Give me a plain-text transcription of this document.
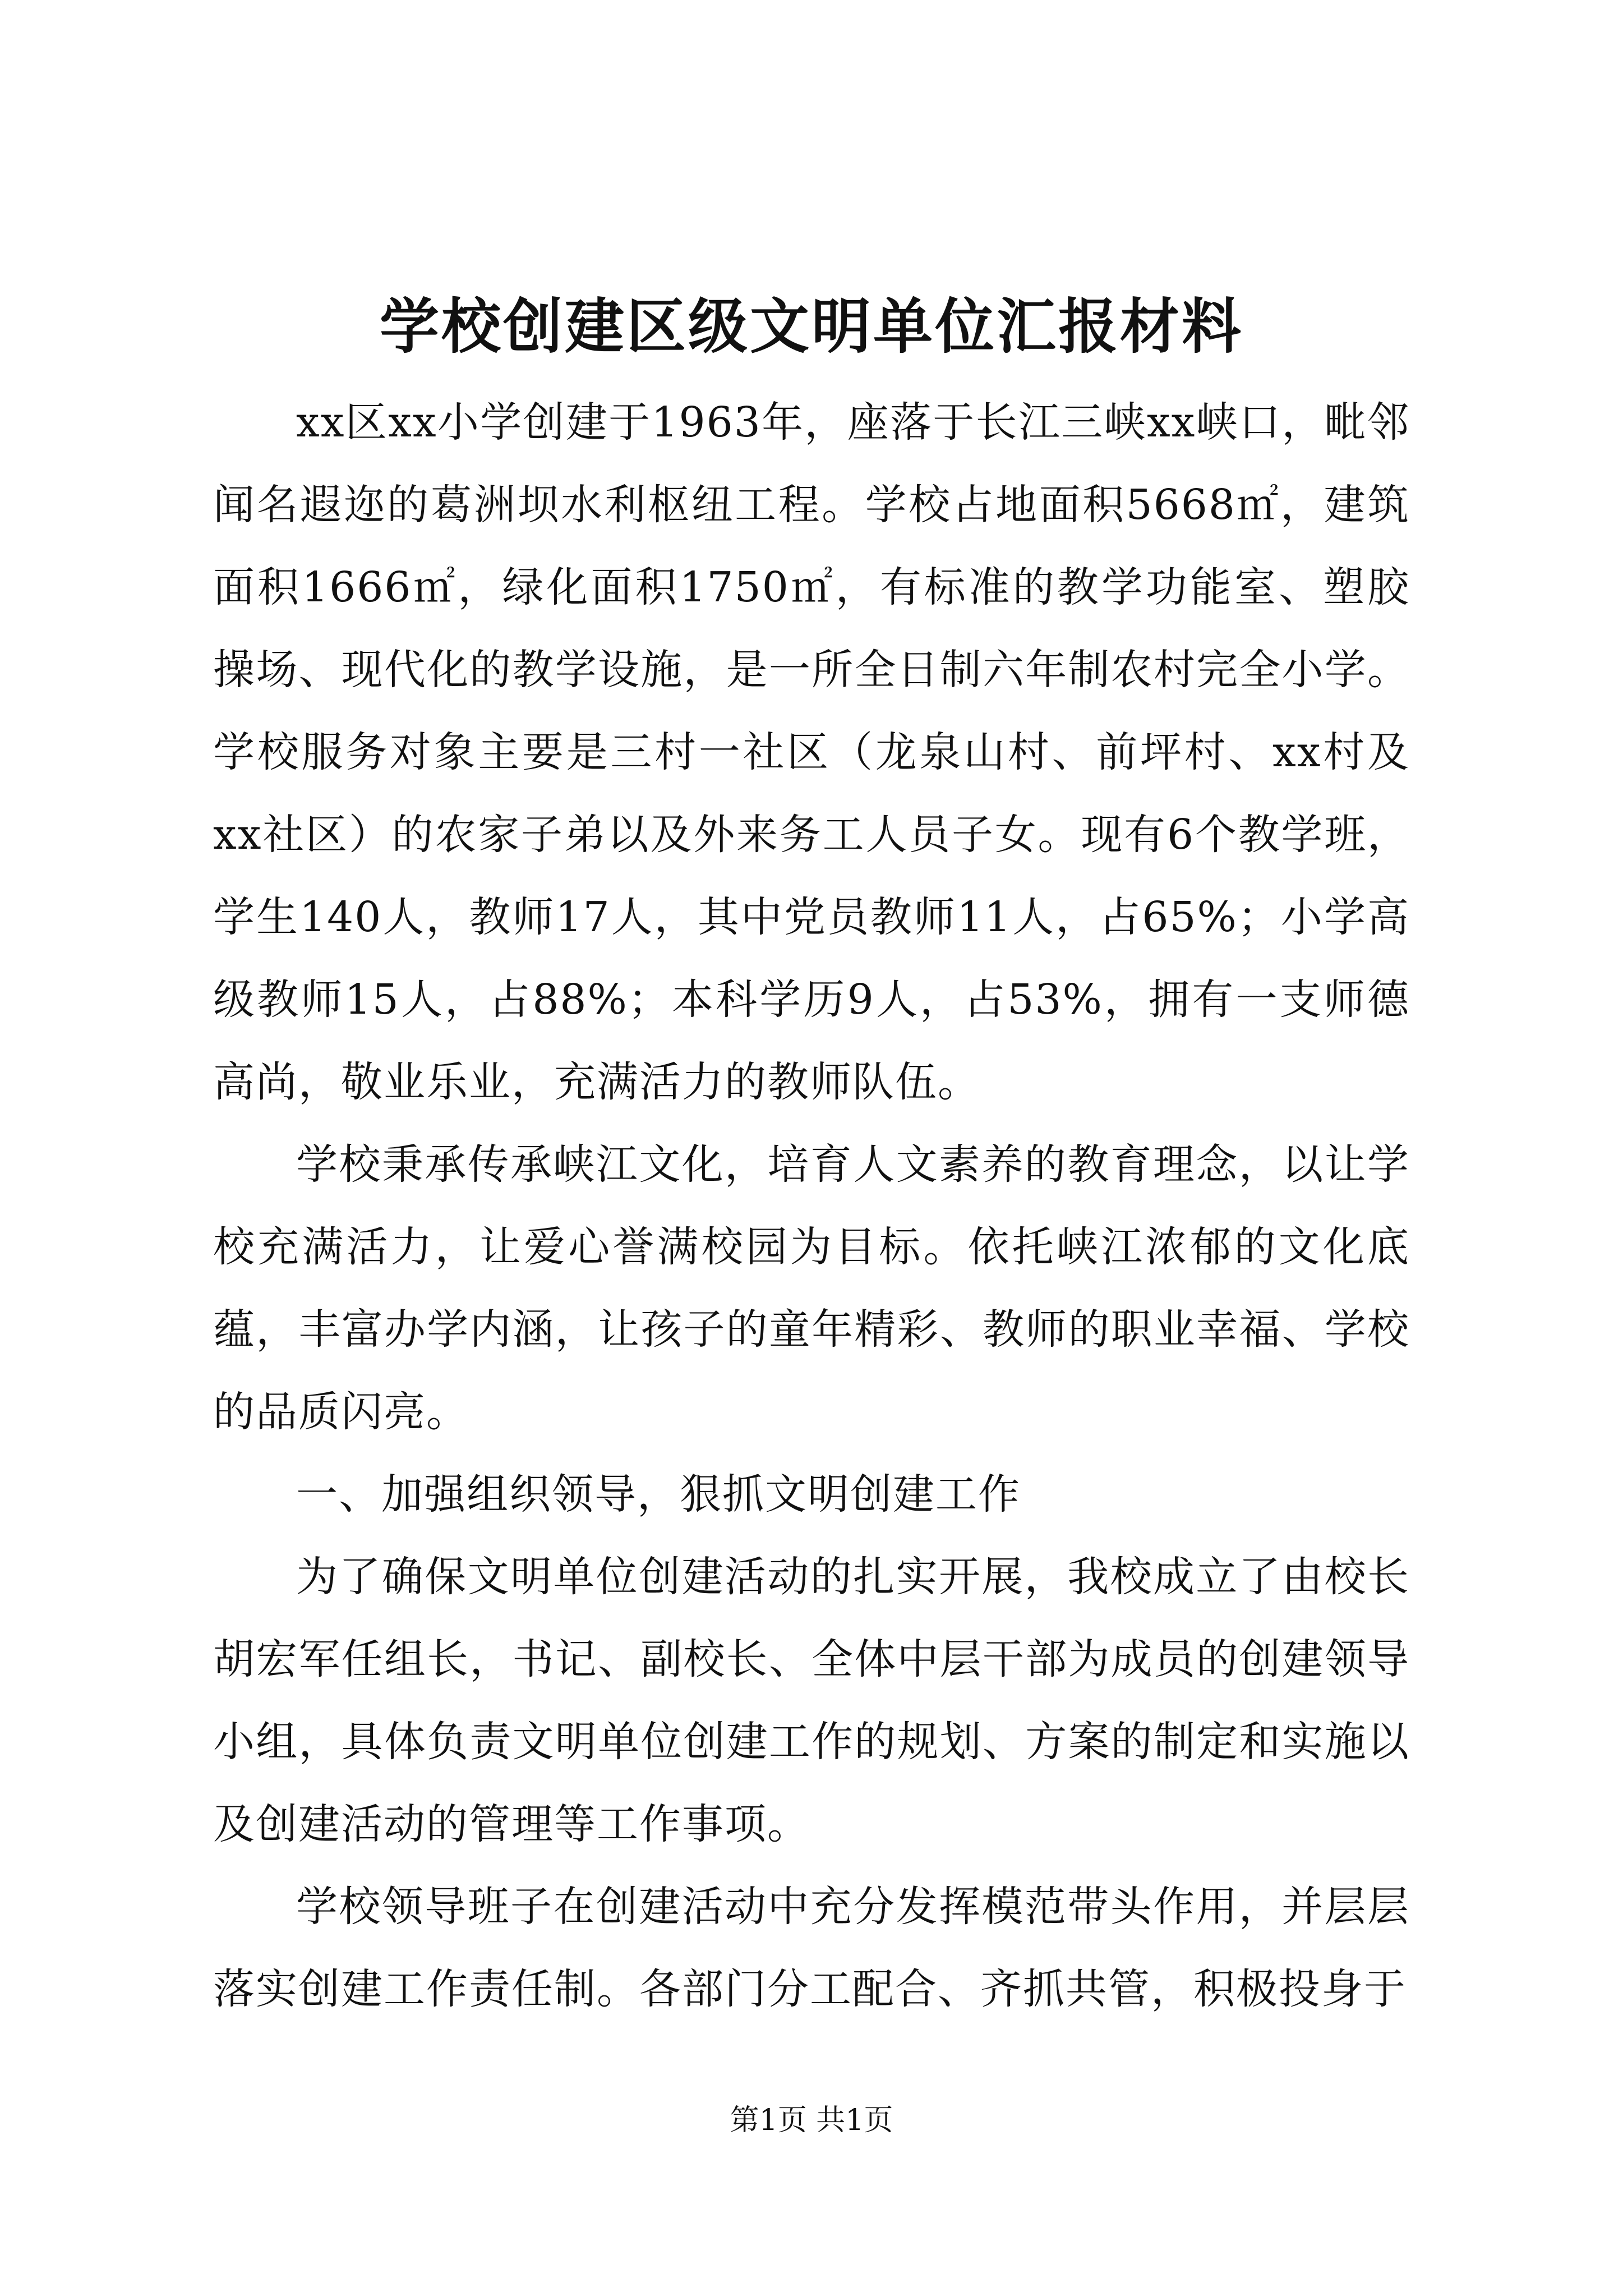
学校创建区级文明单位汇报材料

xx区xx小学创建于1963年，座落于长江三峡xx峡口，毗邻闻名遐迩的葛洲坝水利枢纽工程。学校占地面积5668㎡，建筑面积1666㎡，绿化面积1750㎡，有标准的教学功能室、塑胶操场、现代化的教学设施，是一所全日制六年制农村完全小学。学校服务对象主要是三村一社区（龙泉山村、前坪村、xx村及xx社区）的农家子弟以及外来务工人员子女。现有6个教学班，学生140人，教师17人，其中党员教师11人，占65%；小学高级教师15人，占88%；本科学历9人，占53%，拥有一支师德高尚，敬业乐业，充满活力的教师队伍。

学校秉承传承峡江文化，培育人文素养的教育理念，以让学校充满活力，让爱心誉满校园为目标。依托峡江浓郁的文化底蕴，丰富办学内涵，让孩子的童年精彩、教师的职业幸福、学校的品质闪亮。

一、加强组织领导，狠抓文明创建工作

为了确保文明单位创建活动的扎实开展，我校成立了由校长胡宏军任组长，书记、副校长、全体中层干部为成员的创建领导小组，具体负责文明单位创建工作的规划、方案的制定和实施以及创建活动的管理等工作事项。

学校领导班子在创建活动中充分发挥模范带头作用，并层层落实创建工作责任制。各部门分工配合、齐抓共管，积极投身于

第1页 共1页
